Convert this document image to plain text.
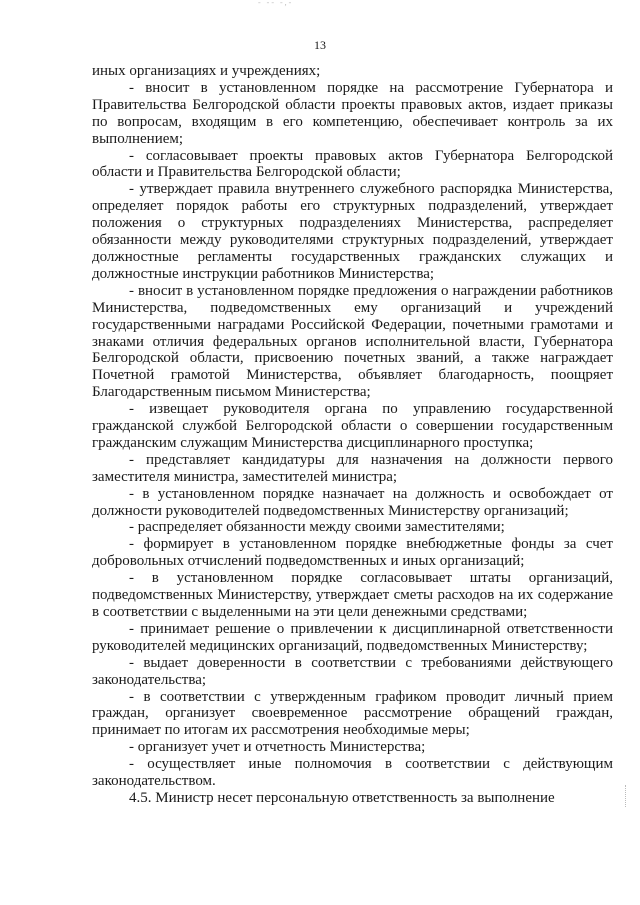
- -- -,-
13

иных организациях и учреждениях;

- вносит в установленном порядке на рассмотрение Губернатора и Правительства Белгородской области проекты правовых актов, издает приказы по вопросам, входящим в его компетенцию, обеспечивает контроль за их выполнением;

- согласовывает проекты правовых актов Губернатора Белгородской области и Правительства Белгородской области;

- утверждает правила внутреннего служебного распорядка Министерства, определяет порядок работы его структурных подразделений, утверждает положения о структурных подразделениях Министерства, распределяет обязанности между руководителями структурных подразделений, утверждает должностные регламенты государственных гражданских служащих и должностные инструкции работников Министерства;

- вносит в установленном порядке предложения о награждении работников Министерства, подведомственных ему организаций и учреждений государственными наградами Российской Федерации, почетными грамотами и знаками отличия федеральных органов исполнительной власти, Губернатора Белгородской области, присвоению почетных званий, а также награждает Почетной грамотой Министерства, объявляет благодарность, поощряет Благодарственным письмом Министерства;

- извещает руководителя органа по управлению государственной гражданской службой Белгородской области о совершении государственным гражданским служащим Министерства дисциплинарного проступка;

- представляет кандидатуры для назначения на должности первого заместителя министра, заместителей министра;

- в установленном порядке назначает на должность и освобождает от должности руководителей подведомственных Министерству организаций;

- распределяет обязанности между своими заместителями;

- формирует в установленном порядке внебюджетные фонды за счет добровольных отчислений подведомственных и иных организаций;

- в установленном порядке согласовывает штаты организаций, подведомственных Министерству, утверждает сметы расходов на их содержание в соответствии с выделенными на эти цели денежными средствами;

- принимает решение о привлечении к дисциплинарной ответственности руководителей медицинских организаций, подведомственных Министерству;

- выдает доверенности в соответствии с требованиями действующего законодательства;

- в соответствии с утвержденным графиком проводит личный прием граждан, организует своевременное рассмотрение обращений граждан, принимает по итогам их рассмотрения необходимые меры;

- организует учет и отчетность Министерства;

- осуществляет иные полномочия в соответствии с действующим законодательством.

4.5. Министр несет персональную ответственность за выполнение
